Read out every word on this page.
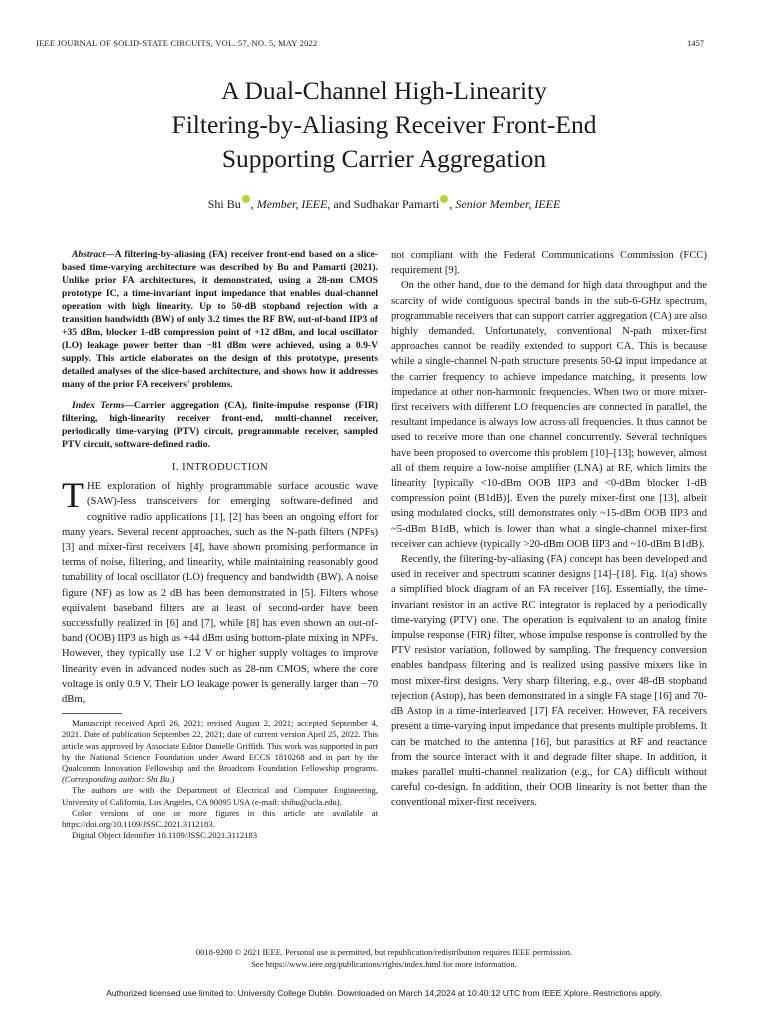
IEEE JOURNAL OF SOLID-STATE CIRCUITS, VOL. 57, NO. 5, MAY 2022	1457
A Dual-Channel High-Linearity
Filtering-by-Aliasing Receiver Front-End
Supporting Carrier Aggregation
Shi Bu , Member, IEEE, and Sudhakar Pamarti , Senior Member, IEEE

Abstract—A filtering-by-aliasing (FA) receiver front-end based on a slice-based time-varying architecture was described by Bu and Pamarti (2021). Unlike prior FA architectures, it demonstrated, using a 28-nm CMOS prototype IC, a time-invariant input impedance that enables dual-channel operation with high linearity. Up to 50-dB stopband rejection with a transition bandwidth (BW) of only 3.2 times the RF BW, out-of-band IIP3 of +35 dBm, blocker 1-dB compression point of +12 dBm, and local oscillator (LO) leakage power better than −81 dBm were achieved, using a 0.9-V supply. This article elaborates on the design of this prototype, presents detailed analyses of the slice-based architecture, and shows how it addresses many of the prior FA receivers' problems.

Index Terms—Carrier aggregation (CA), finite-impulse response (FIR) filtering, high-linearity receiver front-end, multi-channel receiver, periodically time-varying (PTV) circuit, programmable receiver, sampled PTV circuit, software-defined radio.

I. INTRODUCTION

THE exploration of highly programmable surface acoustic wave (SAW)-less transceivers for emerging software-defined and cognitive radio applications [1], [2] has been an ongoing effort for many years. Several recent approaches, such as the N-path filters (NPFs) [3] and mixer-first receivers [4], have shown promising performance in terms of noise, filtering, and linearity, while maintaining reasonably good tunability of local oscillator (LO) frequency and bandwidth (BW). A noise figure (NF) as low as 2 dB has been demonstrated in [5]. Filters whose equivalent baseband filters are at least of second-order have been successfully realized in [6] and [7], while [8] has even shown an out-of-band (OOB) IIP3 as high as +44 dBm using bottom-plate mixing in NPFs. However, they typically use 1.2 V or higher supply voltages to improve linearity even in advanced nodes such as 28-nm CMOS, where the core voltage is only 0.9 V. Their LO leakage power is generally larger than −70 dBm,

Manuscript received April 26, 2021; revised August 2, 2021; accepted September 4, 2021. Date of publication September 22, 2021; date of current version April 25, 2022. This article was approved by Associate Editor Danielle Griffith. This work was supported in part by the National Science Foundation under Award ECCS 1810268 and in part by the Qualcomm Innovation Fellowship and the Broadcom Foundation Fellowship programs. (Corresponding author: Shi Bu.)

The authors are with the Department of Electrical and Computer Engineering, University of California, Los Angeles, CA 90095 USA (e-mail: shibu@ucla.edu).

Color versions of one or more figures in this article are available at https://doi.org/10.1109/JSSC.2021.3112183.

Digital Object Identifier 10.1109/JSSC.2021.3112183

not compliant with the Federal Communications Commission (FCC) requirement [9].

On the other hand, due to the demand for high data throughput and the scarcity of wide contiguous spectral bands in the sub-6-GHz spectrum, programmable receivers that can support carrier aggregation (CA) are also highly demanded. Unfortunately, conventional N-path mixer-first approaches cannot be readily extended to support CA. This is because while a single-channel N-path structure presents 50-Ω input impedance at the carrier frequency to achieve impedance matching, it presents low impedance at other non-harmonic frequencies. When two or more mixer-first receivers with different LO frequencies are connected in parallel, the resultant impedance is always low across all frequencies. It thus cannot be used to receive more than one channel concurrently. Several techniques have been proposed to overcome this problem [10]–[13]; however, almost all of them require a low-noise amplifier (LNA) at RF, which limits the linearity [typically <10-dBm OOB IIP3 and <0-dBm blocker 1-dB compression point (B1dB)]. Even the purely mixer-first one [13], albeit using modulated clocks, still demonstrates only ~15-dBm OOB IIP3 and ~5-dBm B1dB, which is lower than what a single-channel mixer-first receiver can achieve (typically >20-dBm OOB IIP3 and ~10-dBm B1dB).

Recently, the filtering-by-aliasing (FA) concept has been developed and used in receiver and spectrum scanner designs [14]–[18]. Fig. 1(a) shows a simplified block diagram of an FA receiver [16]. Essentially, the time-invariant resistor in an active RC integrator is replaced by a periodically time-varying (PTV) one. The operation is equivalent to an analog finite impulse response (FIR) filter, whose impulse response is controlled by the PTV resistor variation, followed by sampling. The frequency conversion enables bandpass filtering and is realized using passive mixers like in most mixer-first designs. Very sharp filtering, e.g., over 48-dB stopband rejection (Astop), has been demonstrated in a single FA stage [16] and 70-dB Astop in a time-interleaved [17] FA receiver. However, FA receivers present a time-varying input impedance that presents multiple problems. It can be matched to the antenna [16], but parasitics at RF and reactance from the source interact with it and degrade filter shape. In addition, it makes parallel multi-channel realization (e.g., for CA) difficult without careful co-design. In addition, their OOB linearity is not better than the conventional mixer-first receivers.

0018-9200 © 2021 IEEE. Personal use is permitted, but republication/redistribution requires IEEE permission.
See https://www.ieee.org/publications/rights/index.html for more information.
Authorized licensed use limited to: University College Dublin. Downloaded on March 14,2024 at 10:40:12 UTC from IEEE Xplore. Restrictions apply.
